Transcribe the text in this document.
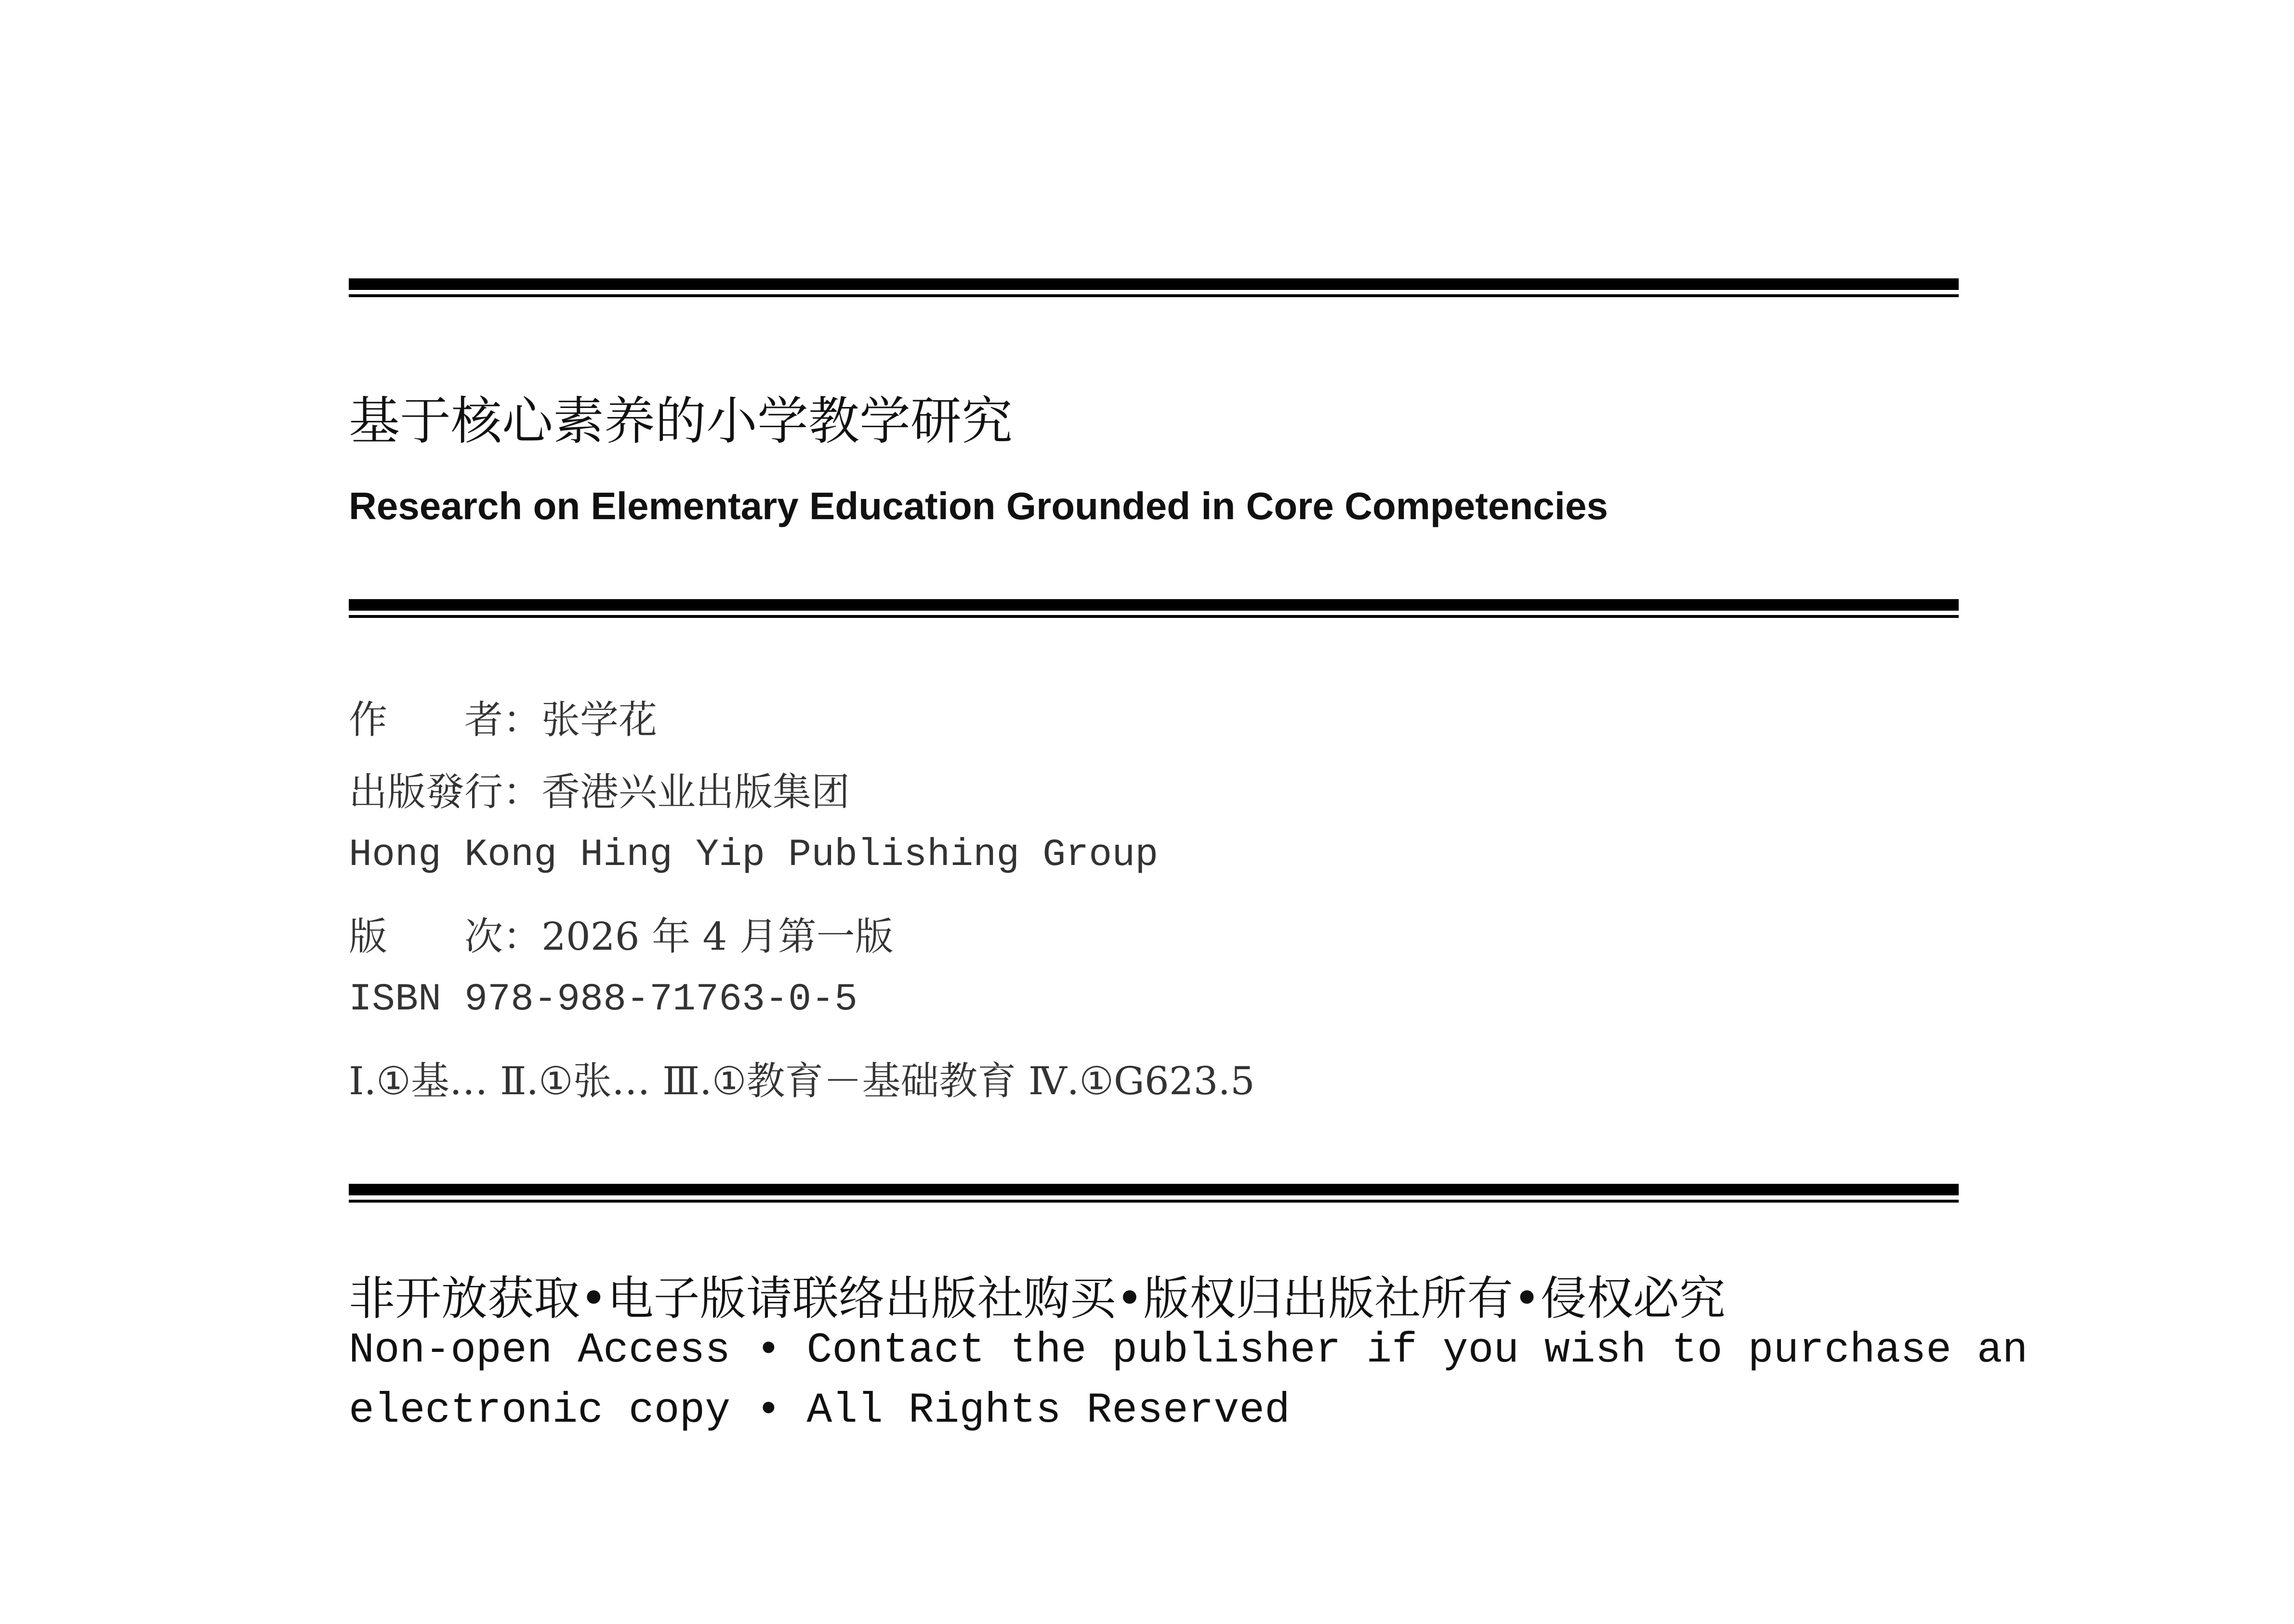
基于核心素养的小学教学研究
Research on Elementary Education Grounded in Core Competencies
作　　者：张学花
出版發行：香港兴业出版集团
Hong Kong Hing Yip Publishing Group
版　　次：2026 年 4 月第一版
ISBN 978-988-71763-0-5
Ⅰ.①基… Ⅱ.①张… Ⅲ.①教育－基础教育 Ⅳ.①G623.5
非开放获取•电子版请联络出版社购买•版权归出版社所有•侵权必究
Non-open Access • Contact the publisher if you wish to purchase an
electronic copy • All Rights Reserved
